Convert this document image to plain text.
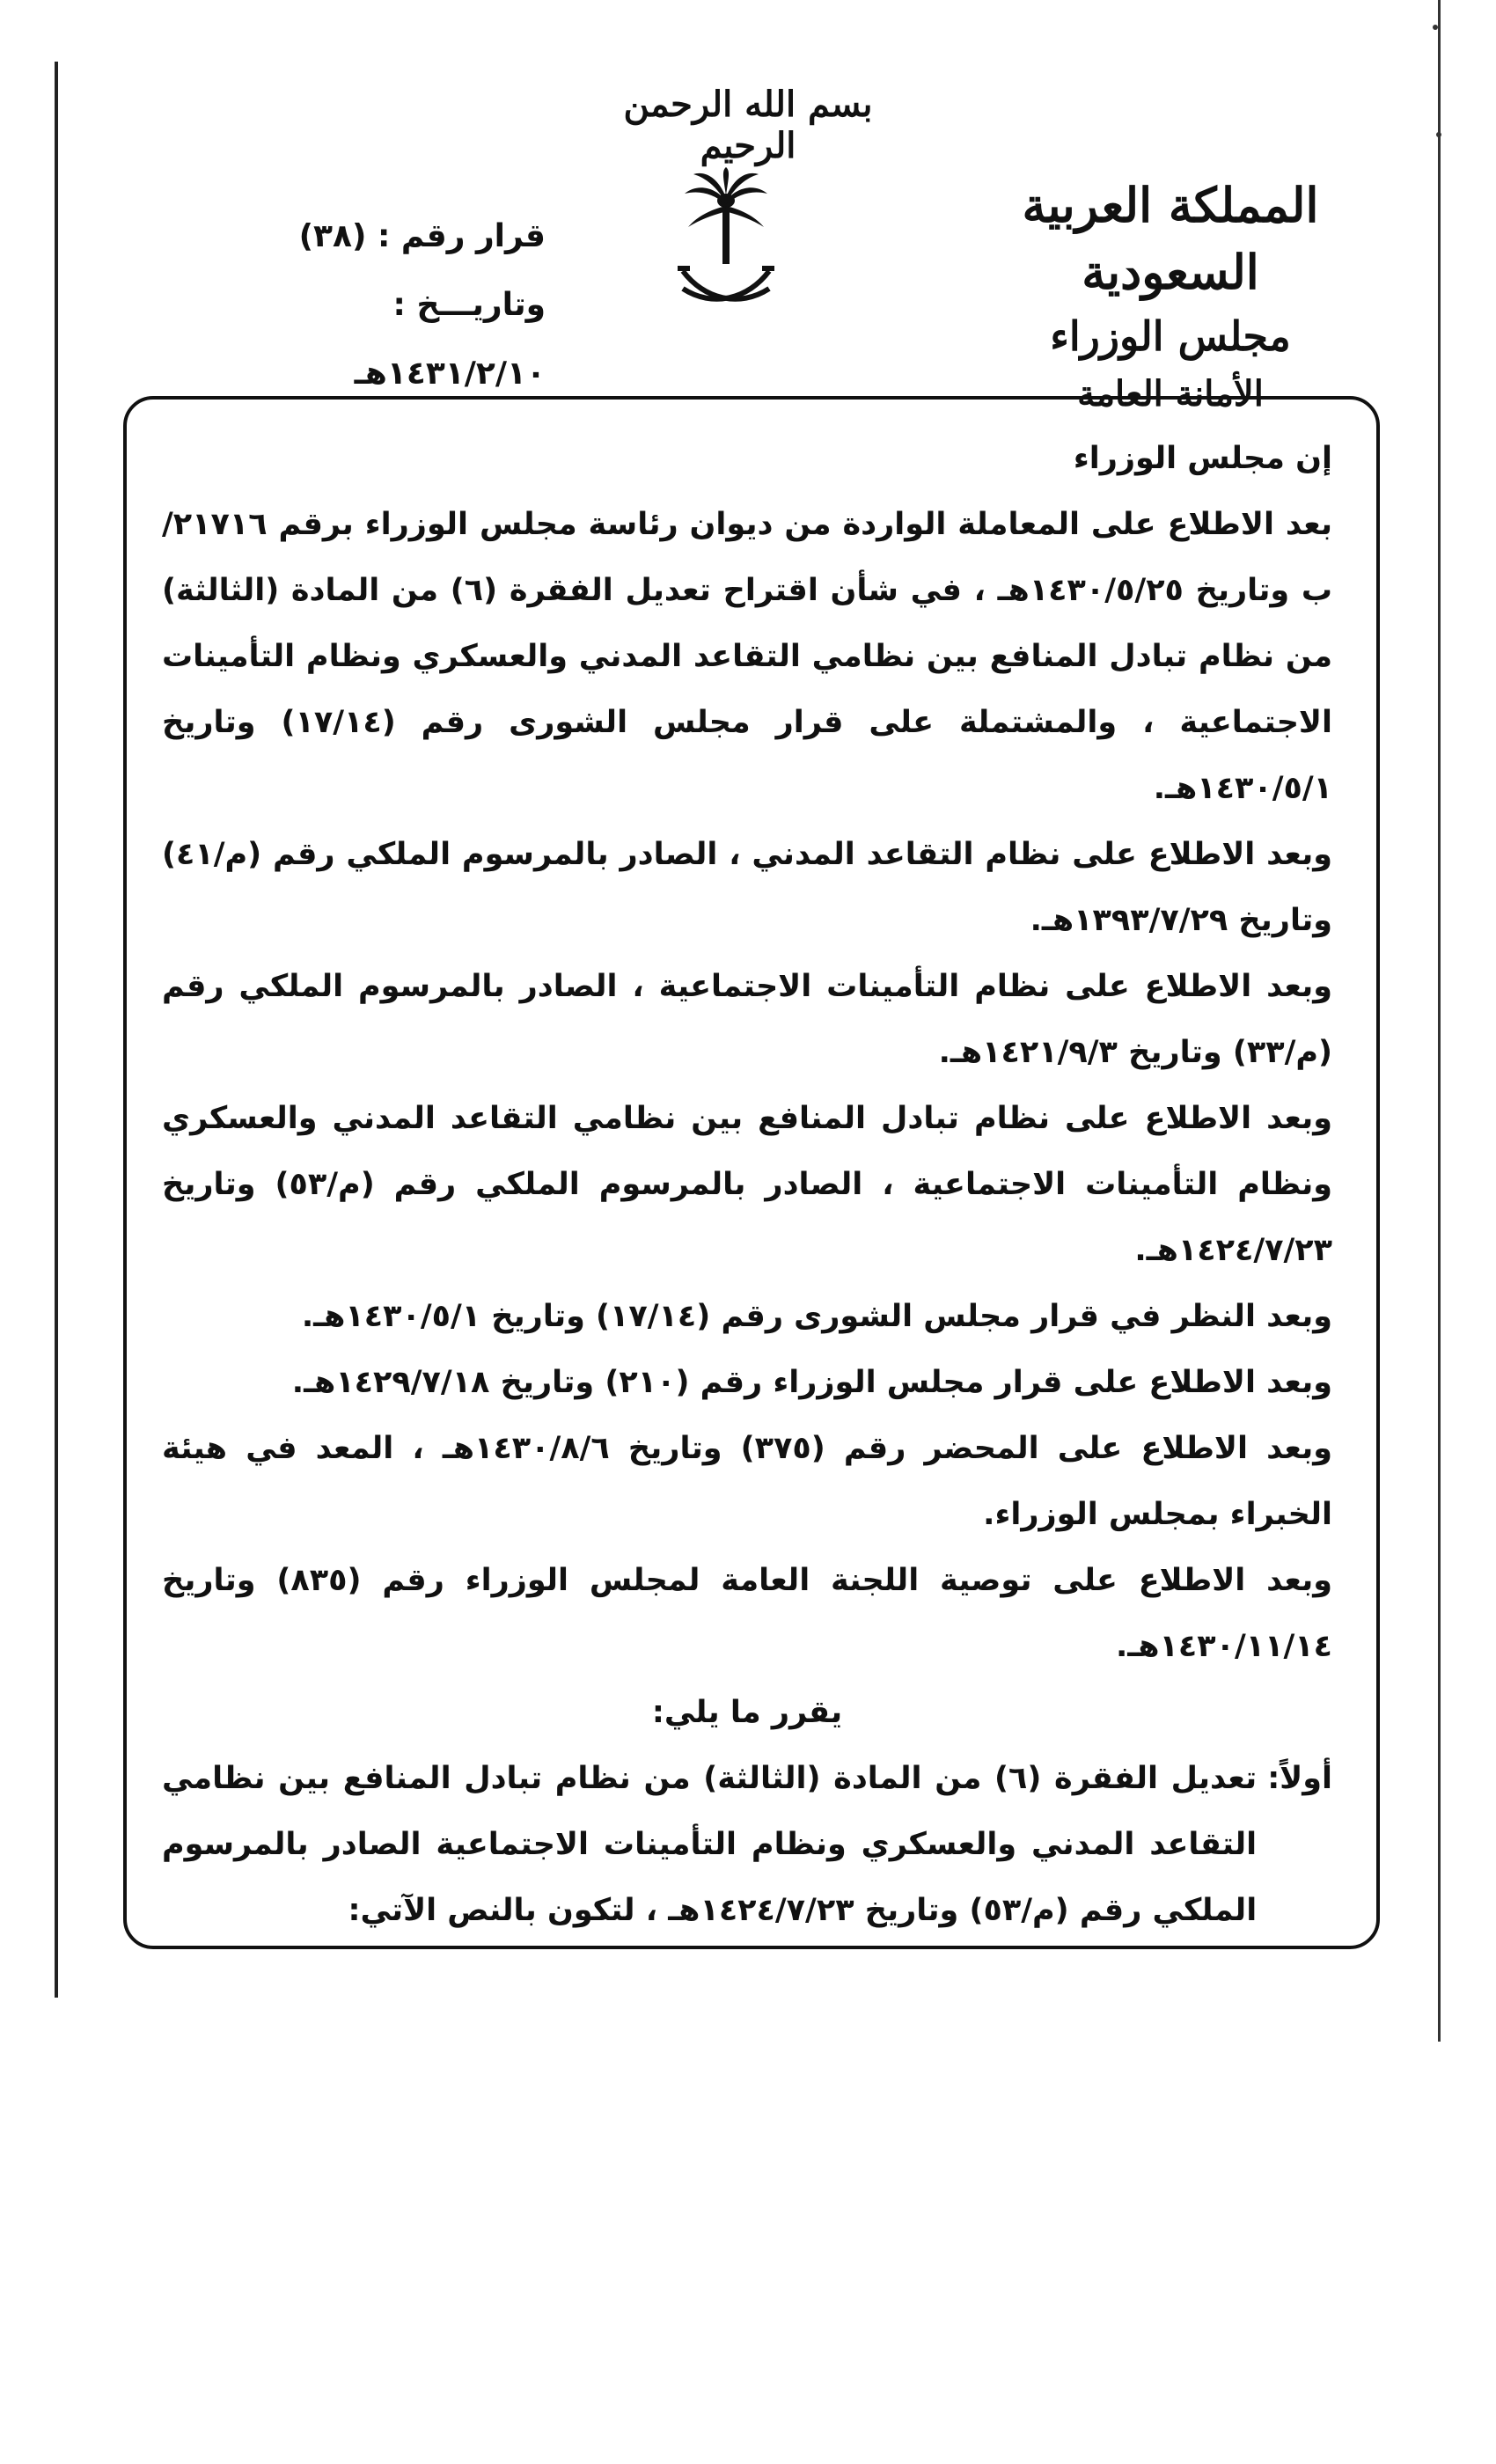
بسم الله الرحمن الرحيم
المملكة العربية السعودية
مجلس الوزراء
الأمانة العامة
قرار رقم : (٣٨)
وتاريـــخ : ١٤٣١/٢/١٠هـ

إن مجلس الوزراء

بعد الاطلاع على المعاملة الواردة من ديوان رئاسة مجلس الوزراء برقم ٢١٧١٦/ب وتاريخ ١٤٣٠/٥/٢٥هـ ، في شأن اقتراح تعديل الفقرة (٦) من المادة (الثالثة) من نظام تبادل المنافع بين نظامي التقاعد المدني والعسكري ونظام التأمينات الاجتماعية ، والمشتملة على قرار مجلس الشورى رقم (١٧/١٤) وتاريخ ١٤٣٠/٥/١هـ.

وبعد الاطلاع على نظام التقاعد المدني ، الصادر بالمرسوم الملكي رقم (م/٤١) وتاريخ ١٣٩٣/٧/٢٩هـ.

وبعد الاطلاع على نظام التأمينات الاجتماعية ، الصادر بالمرسوم الملكي رقم (م/٣٣) وتاريخ ١٤٢١/٩/٣هـ.

وبعد الاطلاع على نظام تبادل المنافع بين نظامي التقاعد المدني والعسكري ونظام التأمينات الاجتماعية ، الصادر بالمرسوم الملكي رقم (م/٥٣) وتاريخ ١٤٢٤/٧/٢٣هـ.

وبعد النظر في قرار مجلس الشورى رقم (١٧/١٤) وتاريخ ١٤٣٠/٥/١هـ.

وبعد الاطلاع على قرار مجلس الوزراء رقم (٢١٠) وتاريخ ١٤٢٩/٧/١٨هـ.

وبعد الاطلاع على المحضر رقم (٣٧٥) وتاريخ ١٤٣٠/٨/٦هـ ، المعد في هيئة الخبراء بمجلس الوزراء.

وبعد الاطلاع على توصية اللجنة العامة لمجلس الوزراء رقم (٨٣٥) وتاريخ ١٤٣٠/١١/١٤هـ.

يقرر ما يلي:

أولاً:
تعديل الفقرة (٦) من المادة (الثالثة) من نظام تبادل المنافع بين نظامي التقاعد المدني والعسكري ونظام التأمينات الاجتماعية الصادر بالمرسوم الملكي رقم (م/٥٣) وتاريخ ١٤٢٤/٧/٢٣هـ ، لتكون بالنص الآتي:
